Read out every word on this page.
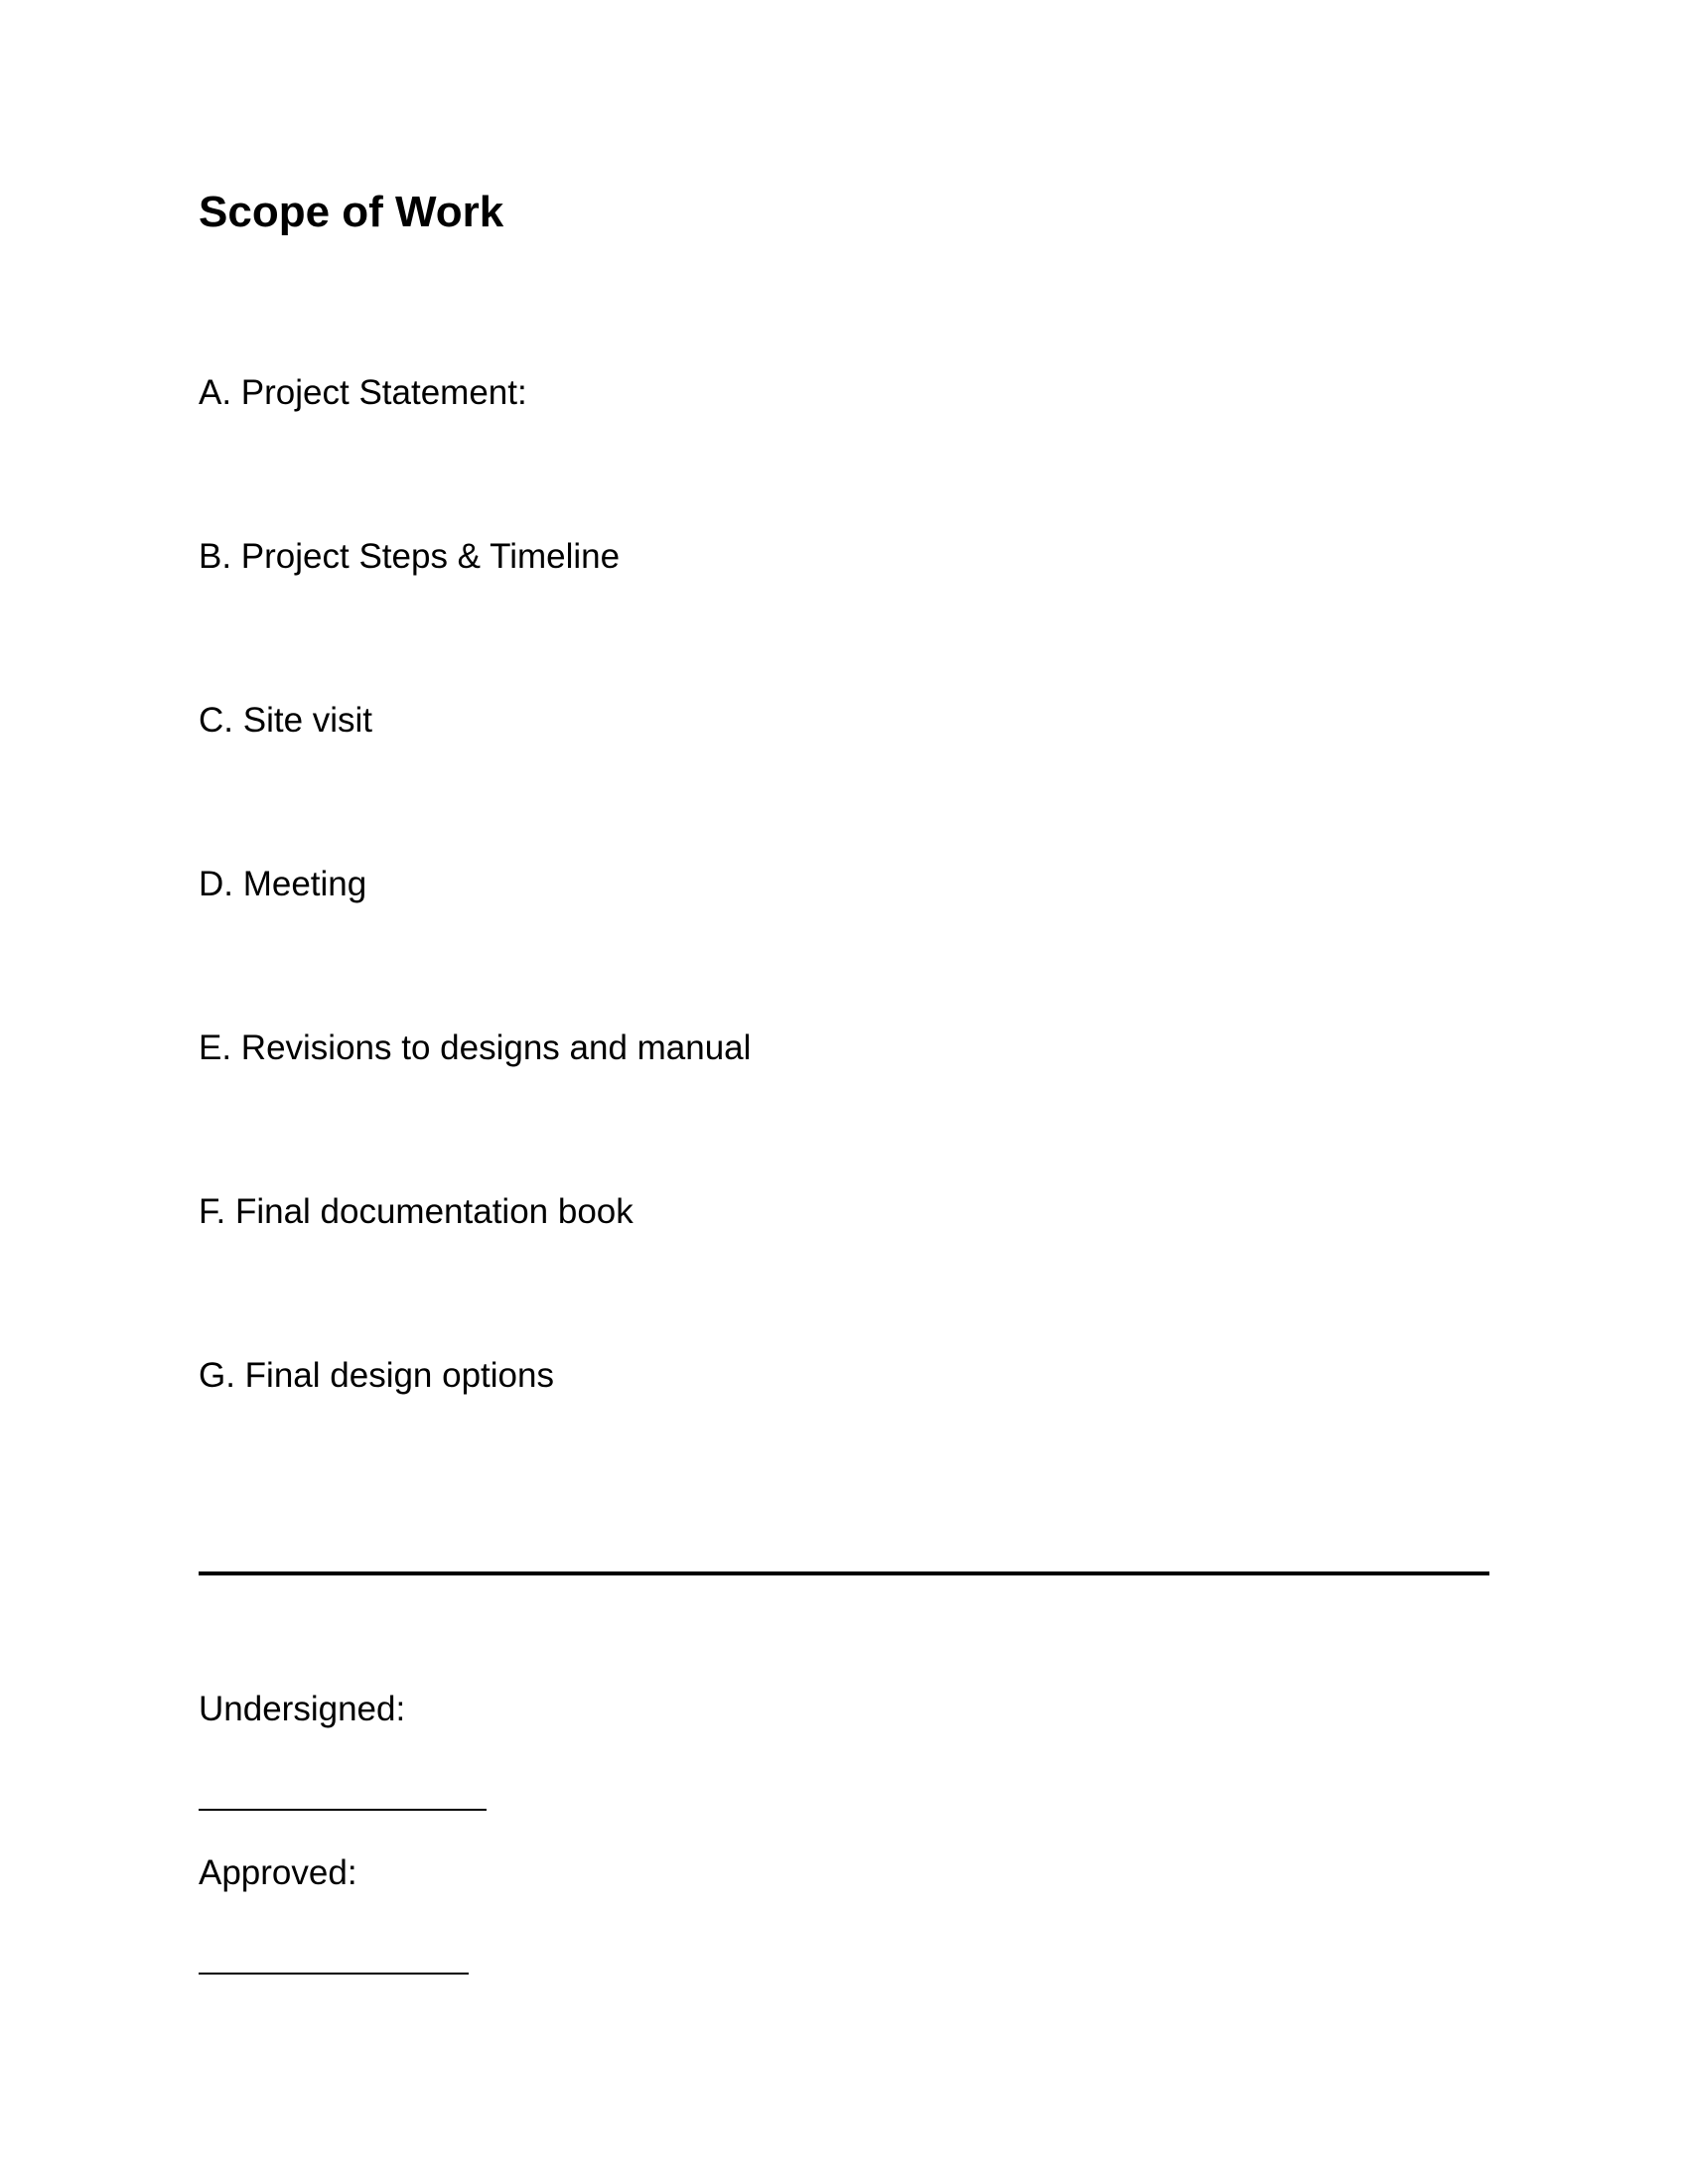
Scope of Work
A. Project Statement:
B. Project Steps & Timeline
C. Site visit
D. Meeting
E. Revisions to designs and manual
F. Final documentation book
G. Final design options
Undersigned:
Approved:
